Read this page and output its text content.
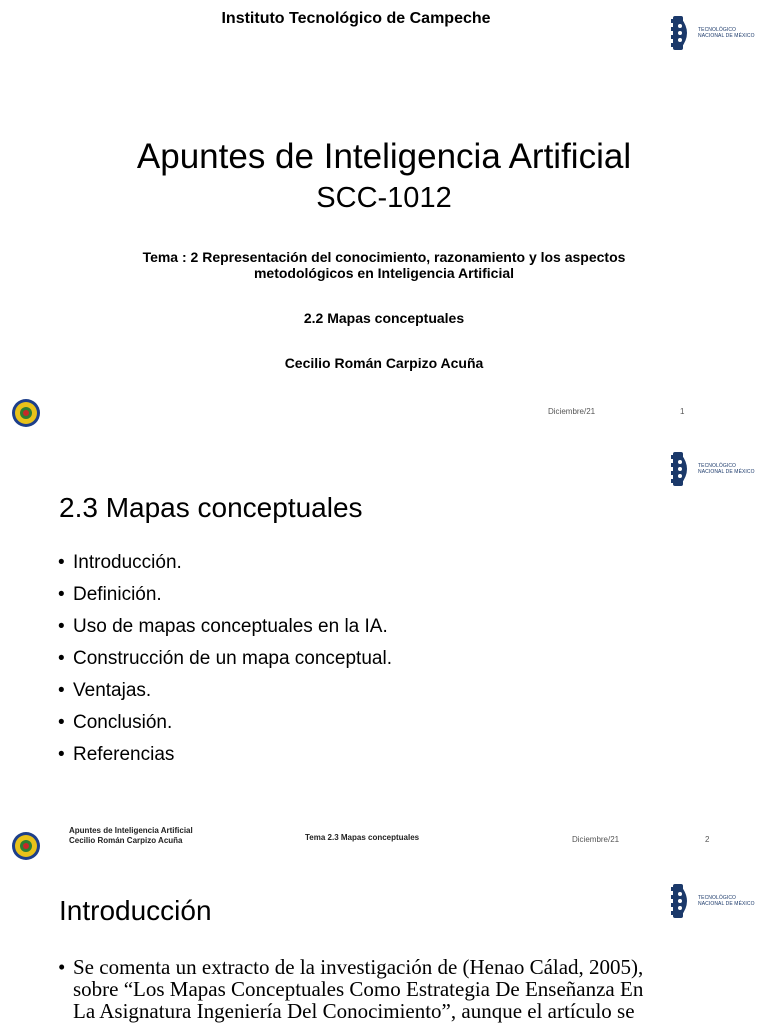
Instituto Tecnológico de Campeche
TECNOLÓGICO
NACIONAL DE MÉXICO
Apuntes de Inteligencia Artificial
SCC-1012
Tema : 2 Representación del conocimiento, razonamiento y los aspectos metodológicos en Inteligencia Artificial
2.2 Mapas conceptuales
Cecilio Román Carpizo Acuña
Diciembre/21	1
TECNOLÓGICO
NACIONAL DE MÉXICO
2.3 Mapas conceptuales
• Introducción.
• Definición.
• Uso de mapas conceptuales en la IA.
• Construcción de un mapa conceptual.
• Ventajas.
• Conclusión.
• Referencias
Apuntes de Inteligencia Artificial
Cecilio Román Carpizo Acuña	Tema 2.3 Mapas conceptuales	Diciembre/21	2
TECNOLÓGICO
NACIONAL DE MÉXICO
Introducción
• Se comenta un extracto de la investigación de (Henao Cálad, 2005),
sobre “Los Mapas Conceptuales Como Estrategia De Enseñanza En
La Asignatura Ingeniería Del Conocimiento”, aunque el artículo se
